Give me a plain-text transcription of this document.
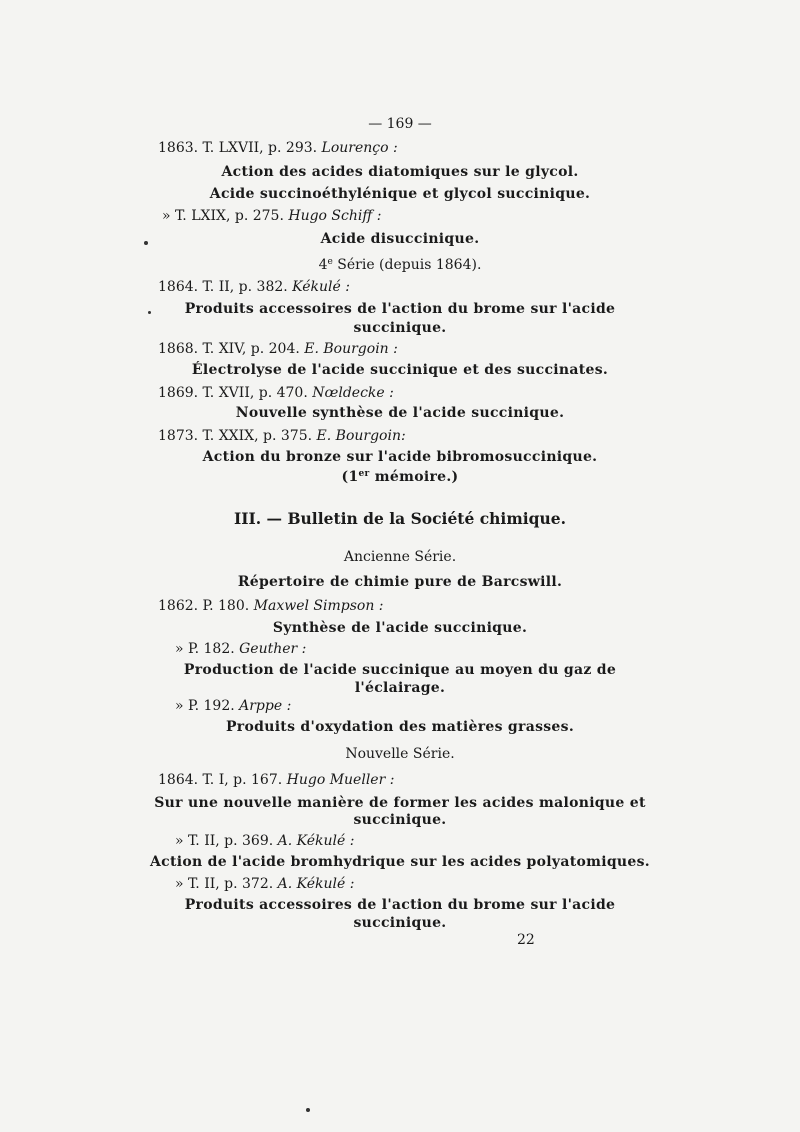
— 169 —
1863. T. LXVII, p. 293. Lourenço :
Action des acides diatomiques sur le glycol.
Acide succinoéthylénique et glycol succinique.
» T. LXIX, p. 275. Hugo Schiff :
Acide disuccinique.
4e Série (depuis 1864).
1864. T. II, p. 382. Kékulé :
Produits accessoires de l'action du brome sur l'acide
succinique.
1868. T. XIV, p. 204. E. Bourgoin :
Électrolyse de l'acide succinique et des succinates.
1869. T. XVII, p. 470. Nœldecke :
Nouvelle synthèse de l'acide succinique.
1873. T. XXIX, p. 375. E. Bourgoin:
Action du bronze sur l'acide bibromosuccinique.
(1er mémoire.)
III. — Bulletin de la Société chimique.
Ancienne Série.
Répertoire de chimie pure de Barcswill.
1862. P. 180. Maxwel Simpson :
Synthèse de l'acide succinique.
» P. 182. Geuther :
Production de l'acide succinique au moyen du gaz de
l'éclairage.
» P. 192. Arppe :
Produits d'oxydation des matières grasses.
Nouvelle Série.
1864. T. I, p. 167. Hugo Mueller :
Sur une nouvelle manière de former les acides malonique et
succinique.
» T. II, p. 369. A. Kékulé :
Action de l'acide bromhydrique sur les acides polyatomiques.
» T. II, p. 372. A. Kékulé :
Produits accessoires de l'action du brome sur l'acide
succinique.
22
